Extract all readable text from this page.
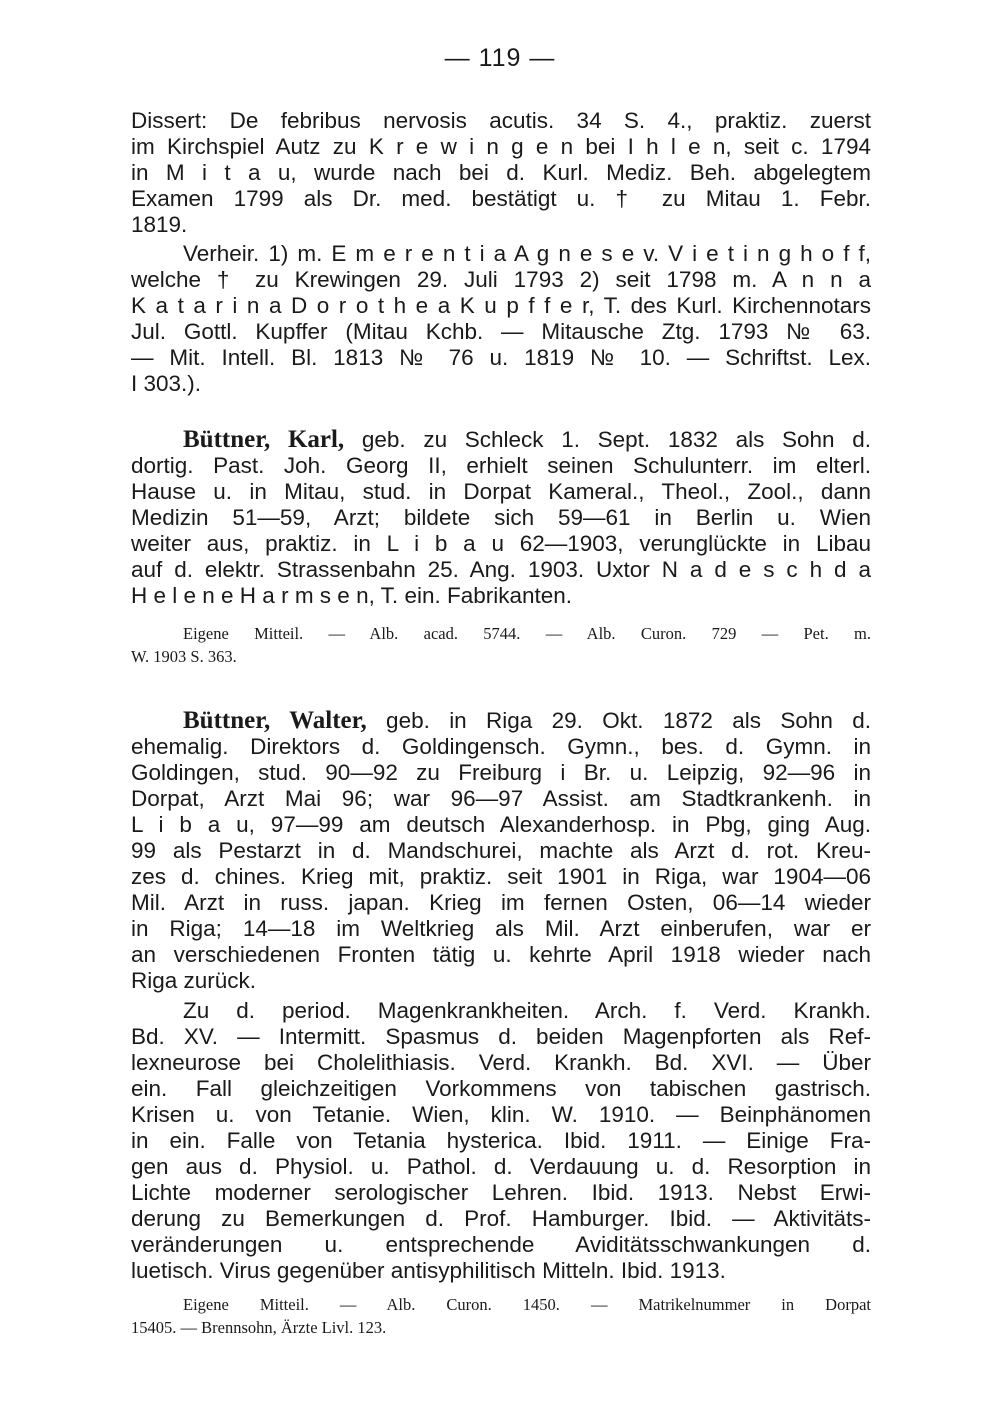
— 119 —
Dissert: De febribus nervosis acutis. 34 S. 4., praktiz. zuerst
im Kirchspiel Autz zu K r e w i n g e n bei I h l e n, seit c. 1794
in M i t a u, wurde nach bei d. Kurl. Mediz. Beh. abgelegtem
Examen 1799 als Dr. med. bestätigt u. † zu Mitau 1. Febr.
1819.
Verheir. 1) m. E m e r e n t i a A g n e s e v. V i e t i n g h o f f,
welche † zu Krewingen 29. Juli 1793 2) seit 1798 m. A n n a
K a t a r i n a D o r o t h e a K u p f f e r, T. des Kurl. Kirchennotars
Jul. Gottl. Kupffer (Mitau Kchb. — Mitausche Ztg. 1793 № 63.
— Mit. Intell. Bl. 1813 № 76 u. 1819 № 10. — Schriftst. Lex.
I 303.).
Büttner, Karl, geb. zu Schleck 1. Sept. 1832 als Sohn d.
dortig. Past. Joh. Georg II, erhielt seinen Schulunterr. im elterl.
Hause u. in Mitau, stud. in Dorpat Kameral., Theol., Zool., dann
Medizin 51—59, Arzt; bildete sich 59—61 in Berlin u. Wien
weiter aus, praktiz. in L i b a u 62—1903, verunglückte in Libau
auf d. elektr. Strassenbahn 25. Ang. 1903. Uxtor N a d e s c h d a
H e l e n e H a r m s e n, T. ein. Fabrikanten.
Eigene Mitteil. — Alb. acad. 5744. — Alb. Curon. 729 — Pet. m.
W. 1903 S. 363.
Büttner, Walter, geb. in Riga 29. Okt. 1872 als Sohn d.
ehemalig. Direktors d. Goldingensch. Gymn., bes. d. Gymn. in
Goldingen, stud. 90—92 zu Freiburg i Br. u. Leipzig, 92—96 in
Dorpat, Arzt Mai 96; war 96—97 Assist. am Stadtkrankenh. in
L i b a u, 97—99 am deutsch Alexanderhosp. in Pbg, ging Aug.
99 als Pestarzt in d. Mandschurei, machte als Arzt d. rot. Kreu-
zes d. chines. Krieg mit, praktiz. seit 1901 in Riga, war 1904—06
Mil. Arzt in russ. japan. Krieg im fernen Osten, 06—14 wieder
in Riga; 14—18 im Weltkrieg als Mil. Arzt einberufen, war er
an verschiedenen Fronten tätig u. kehrte April 1918 wieder nach
Riga zurück.
Zu d. period. Magenkrankheiten. Arch. f. Verd. Krankh.
Bd. XV. — Intermitt. Spasmus d. beiden Magenpforten als Ref-
lexneurose bei Cholelithiasis. Verd. Krankh. Bd. XVI. — Über
ein. Fall gleichzeitigen Vorkommens von tabischen gastrisch.
Krisen u. von Tetanie. Wien, klin. W. 1910. — Beinphänomen
in ein. Falle von Tetania hysterica. Ibid. 1911. — Einige Fra-
gen aus d. Physiol. u. Pathol. d. Verdauung u. d. Resorption in
Lichte moderner serologischer Lehren. Ibid. 1913. Nebst Erwi-
derung zu Bemerkungen d. Prof. Hamburger. Ibid. — Aktivitäts-
veränderungen u. entsprechende Aviditätsschwankungen d.
luetisch. Virus gegenüber antisyphilitisch Mitteln. Ibid. 1913.
Eigene Mitteil. — Alb. Curon. 1450. — Matrikelnummer in Dorpat
15405. — Brennsohn, Ärzte Livl. 123.
